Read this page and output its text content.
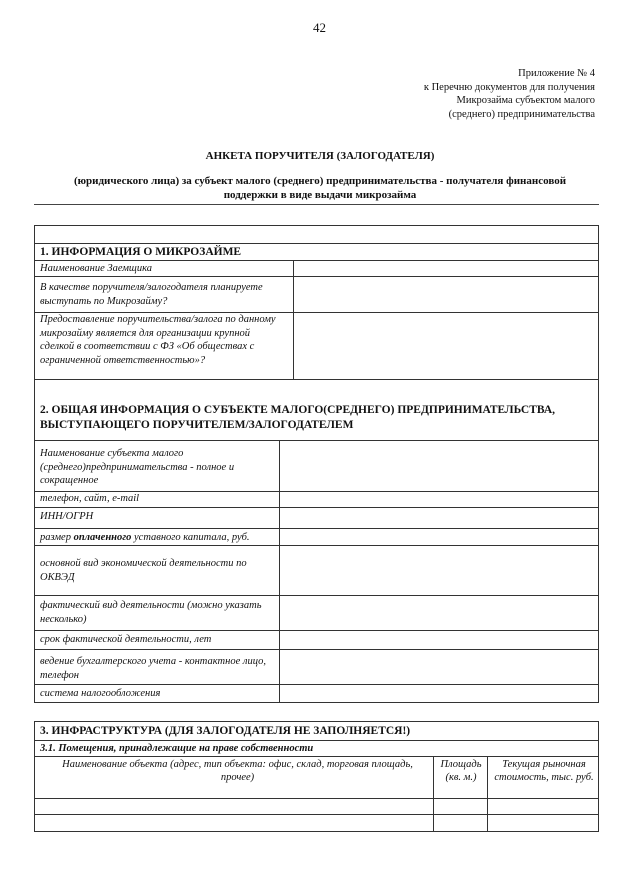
42
Приложение № 4
к Перечню документов для получения
Микрозайма субъектом малого
(среднего) предпринимательства
АНКЕТА ПОРУЧИТЕЛЯ (ЗАЛОГОДАТЕЛЯ)
(юридического лица) за субъект малого (среднего) предпринимательства - получателя финансовой
поддержки в виде выдачи микрозайма
1. ИНФОРМАЦИЯ О МИКРОЗАЙМЕ
Наименование Заемщика
В качестве поручителя/залогодателя планируете выступать по Микрозайму?
Предоставление поручительства/залога по данному микрозайму является для организации крупной сделкой в соответствии с ФЗ «Об обществах с ограниченной ответственностью»?
2. ОБЩАЯ ИНФОРМАЦИЯ О СУБЪЕКТЕ МАЛОГО(СРЕДНЕГО) ПРЕДПРИНИМАТЕЛЬСТВА, ВЫСТУПАЮЩЕГО ПОРУЧИТЕЛЕМ/ЗАЛОГОДАТЕЛЕМ
Наименование субъекта малого (среднего)предпринимательства - полное и сокращенное
телефон, сайт, e-mail
ИНН/ОГРН
размер оплаченного уставного капитала, руб.
основной вид экономической деятельности по ОКВЭД
фактический вид деятельности (можно указать несколько)
срок фактической деятельности, лет
ведение бухгалтерского учета - контактное лицо, телефон
система налогообложения
3. ИНФРАСТРУКТУРА (ДЛЯ ЗАЛОГОДАТЕЛЯ НЕ ЗАПОЛНЯЕТСЯ!)
3.1. Помещения, принадлежащие на праве собственности
Наименование объекта (адрес, тип объекта: офис, склад, торговая площадь, прочее)
Площадь (кв. м.)
Текущая рыночная стоимость, тыс. руб.
